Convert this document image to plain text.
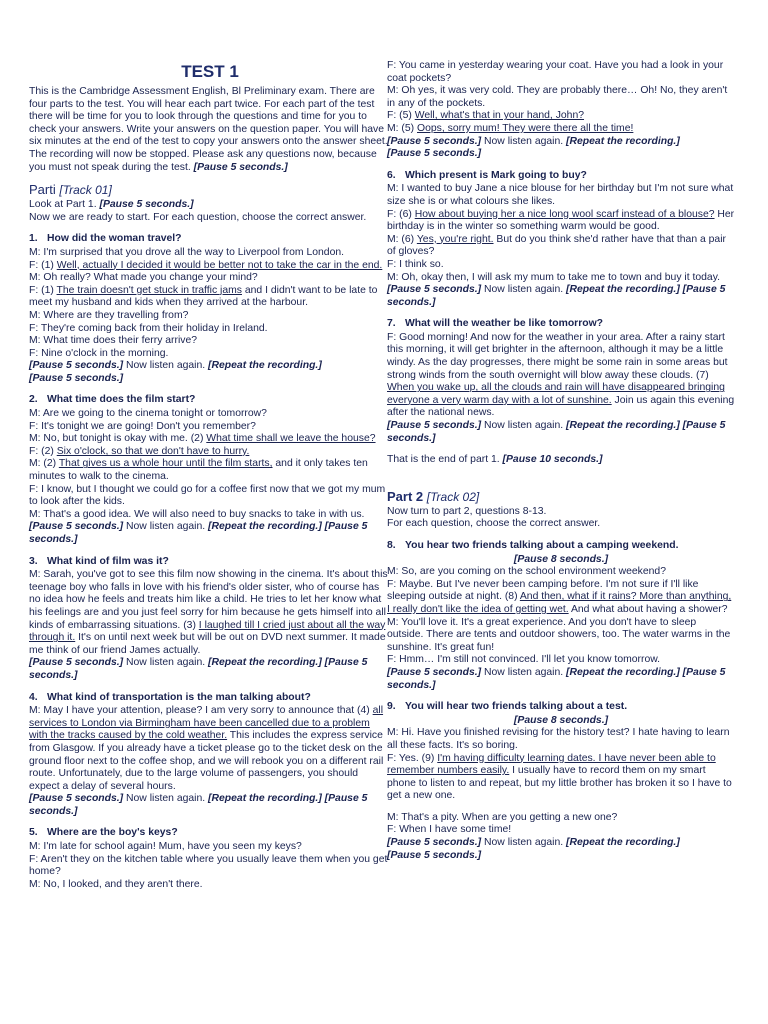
TEST 1

This is the Cambridge Assessment English, Bl Preliminary exam. There are four parts to the test. You will hear each part twice. For each part of the test there will be time for you to look through the questions and time for you to check your answers. Write your answers on the question paper. You will have six minutes at the end of the test to copy your answers onto the answer sheet. The recording will now be stopped. Please ask any questions now, because you must not speak during the test. [Pause 5 seconds.]

Parti [Track 01]

Look at Part 1. [Pause 5 seconds.]

Now we are ready to start. For each question, choose the correct answer.

1. How did the woman travel?

M: I'm surprised that you drove all the way to Liverpool from London.

F: (1) Well, actually I decided it would be better not to take the car in the end.

M: Oh really? What made you change your mind?

F: (1) The train doesn't get stuck in traffic jams and I didn't want to be late to meet my husband and kids when they arrived at the harbour.

M: Where are they travelling from?

F: They're coming back from their holiday in Ireland.

M: What time does their ferry arrive?

F: Nine o'clock in the morning.

[Pause 5 seconds.] Now listen again. [Repeat the recording.]

[Pause 5 seconds.]

2. What time does the film start?

M: Are we going to the cinema tonight or tomorrow?

F: It's tonight we are going! Don't you remember?

M: No, but tonight is okay with me. (2) What time shall we leave the house?

F: (2) Six o'clock, so that we don't have to hurry.

M: (2) That gives us a whole hour until the film starts, and it only takes ten minutes to walk to the cinema.

F: I know, but I thought we could go for a coffee first now that we got my mum to look after the kids.

M: That's a good idea. We will also need to buy snacks to take in with us.

[Pause 5 seconds.] Now listen again. [Repeat the recording.] [Pause 5 seconds.]

3. What kind of film was it?

M: Sarah, you've got to see this film now showing in the cinema. It's about this teenage boy who falls in love with his friend's older sister, who of course has no idea how he feels and treats him like a child. He tries to let her know what his feelings are and you just feel sorry for him because he gets himself into all kinds of embarrassing situations. (3) I laughed till I cried just about all the way through it. It's on until next week but will be out on DVD next summer. It made me think of our friend James actually.

[Pause 5 seconds.] Now listen again. [Repeat the recording.] [Pause 5 seconds.]

4. What kind of transportation is the man talking about?

M: May I have your attention, please? I am very sorry to announce that (4) all services to London via Birmingham have been cancelled due to a problem with the tracks caused by the cold weather. This includes the express service from Glasgow. If you already have a ticket please go to the ticket desk on the ground floor next to the coffee shop, and we will rebook you on a different rail route. Unfortunately, due to the large volume of passengers, you should expect a delay of several hours.

[Pause 5 seconds.] Now listen again. [Repeat the recording.] [Pause 5 seconds.]

5. Where are the boy's keys?

M: I'm late for school again! Mum, have you seen my keys?

F: Aren't they on the kitchen table where you usually leave them when you get home?

M: No, I looked, and they aren't there.

F: You came in yesterday wearing your coat. Have you had a look in your coat pockets?

M: Oh yes, it was very cold. They are probably there… Oh! No, they aren't in any of the pockets.

F: (5) Well, what's that in your hand, John?

M: (5) Oops, sorry mum! They were there all the time!

[Pause 5 seconds.] Now listen again. [Repeat the recording.]

[Pause 5 seconds.]

6. Which present is Mark going to buy?

M: I wanted to buy Jane a nice blouse for her birthday but I'm not sure what size she is or what colours she likes.

F: (6) How about buying her a nice long wool scarf instead of a blouse? Her birthday is in the winter so something warm would be good.

M: (6) Yes, you're right. But do you think she'd rather have that than a pair of gloves?

F: I think so.

M: Oh, okay then, I will ask my mum to take me to town and buy it today.

[Pause 5 seconds.] Now listen again. [Repeat the recording.] [Pause 5 seconds.]

7. What will the weather be like tomorrow?

F: Good morning! And now for the weather in your area. After a rainy start this morning, it will get brighter in the afternoon, although it may be a little windy. As the day progresses, there might be some rain in some areas but strong winds from the south overnight will blow away these clouds. (7) When you wake up, all the clouds and rain will have disappeared bringing everyone a very warm day with a lot of sunshine. Join us again this evening after the national news.

[Pause 5 seconds.] Now listen again. [Repeat the recording.] [Pause 5 seconds.]

That is the end of part 1. [Pause 10 seconds.]

Part 2 [Track 02]

Now turn to part 2, questions 8-13.

For each question, choose the correct answer.

8. You hear two friends talking about a camping weekend.

[Pause 8 seconds.]

M: So, are you coming on the school environment weekend?

F: Maybe. But I've never been camping before. I'm not sure if I'll like sleeping outside at night. (8) And then, what if it rains? More than anything, I really don't like the idea of getting wet. And what about having a shower?

M: You'll love it. It's a great experience. And you don't have to sleep outside. There are tents and outdoor showers, too. The water warms in the sunshine. It's great fun!

F: Hmm… I'm still not convinced. I'll let you know tomorrow.

[Pause 5 seconds.] Now listen again. [Repeat the recording.] [Pause 5 seconds.]

9. You will hear two friends talking about a test.

[Pause 8 seconds.]

M: Hi. Have you finished revising for the history test? I hate having to learn all these facts. It's so boring.

F: Yes. (9) I'm having difficulty learning dates. I have never been able to remember numbers easily. I usually have to record them on my smart phone to listen to and repeat, but my little brother has broken it so I have to get a new one.

M: That's a pity. When are you getting a new one?

F: When I have some time!

[Pause 5 seconds.] Now listen again. [Repeat the recording.]

[Pause 5 seconds.]
